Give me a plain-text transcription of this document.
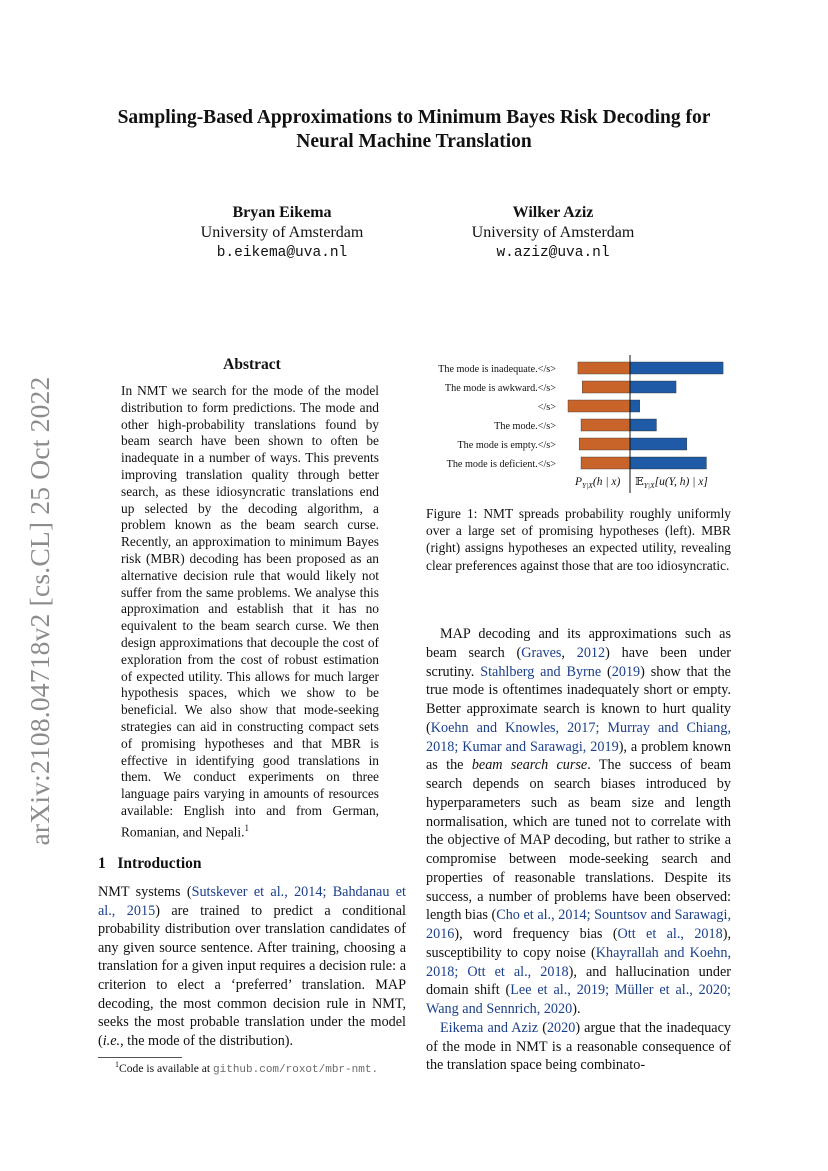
Sampling-Based Approximations to Minimum Bayes Risk Decoding for
Neural Machine Translation
Bryan Eikema
University of Amsterdam
b.eikema@uva.nl
Wilker Aziz
University of Amsterdam
w.aziz@uva.nl
arXiv:2108.04718v2 [cs.CL] 25 Oct 2022
Abstract
In NMT we search for the mode of the model distribution to form predictions. The mode and other high-probability translations found by beam search have been shown to often be inadequate in a number of ways. This prevents improving translation quality through better search, as these idiosyncratic translations end up selected by the decoding algorithm, a problem known as the beam search curse. Recently, an approximation to minimum Bayes risk (MBR) decoding has been proposed as an alternative decision rule that would likely not suffer from the same problems. We analyse this approximation and establish that it has no equivalent to the beam search curse. We then design approximations that decouple the cost of exploration from the cost of robust estimation of expected utility. This allows for much larger hypothesis spaces, which we show to be beneficial. We also show that mode-seeking strategies can aid in constructing compact sets of promising hypotheses and that MBR is effective in identifying good translations in them. We conduct experiments on three language pairs varying in amounts of resources available: English into and from German, Romanian, and Nepali.$^1$
1 Introduction
NMT systems (Sutskever et al., 2014; Bahdanau et al., 2015) are trained to predict a conditional probability distribution over translation candidates of any given source sentence. After training, choosing a translation for a given input requires a decision rule: a criterion to elect a ‘preferred’ translation. MAP decoding, the most common decision rule in NMT, seeks the most probable translation under the model (i.e., the mode of the distribution).
$^1$Code is available at github.com/roxot/mbr-nmt.
The mode is inadequate.</s>
The mode is awkward.</s>
</s>
The mode.</s>
The mode is empty.</s>
The mode is deficient.</s>
$P_{Y|X}(h$ | x) 𝔼$_{Y|X}$[u(Y, h) | x]
Figure 1: NMT spreads probability roughly uniformly over a large set of promising hypotheses (left). MBR (right) assigns hypotheses an expected utility, revealing clear preferences against those that are too idiosyncratic.

MAP decoding and its approximations such as beam search (Graves, 2012) have been under scrutiny. Stahlberg and Byrne (2019) show that the true mode is oftentimes inadequately short or empty. Better approximate search is known to hurt quality (Koehn and Knowles, 2017; Murray and Chiang, 2018; Kumar and Sarawagi, 2019), a problem known as the beam search curse. The success of beam search depends on search biases introduced by hyperparameters such as beam size and length normalisation, which are tuned not to correlate with the objective of MAP decoding, but rather to strike a compromise between mode-seeking search and properties of reasonable translations. Despite its success, a number of problems have been observed: length bias (Cho et al., 2014; Sountsov and Sarawagi, 2016), word frequency bias (Ott et al., 2018), susceptibility to copy noise (Khayrallah and Koehn, 2018; Ott et al., 2018), and hallucination under domain shift (Lee et al., 2019; Müller et al., 2020; Wang and Sennrich, 2020).

Eikema and Aziz (2020) argue that the inadequacy of the mode in NMT is a reasonable consequence of the translation space being combinato-
